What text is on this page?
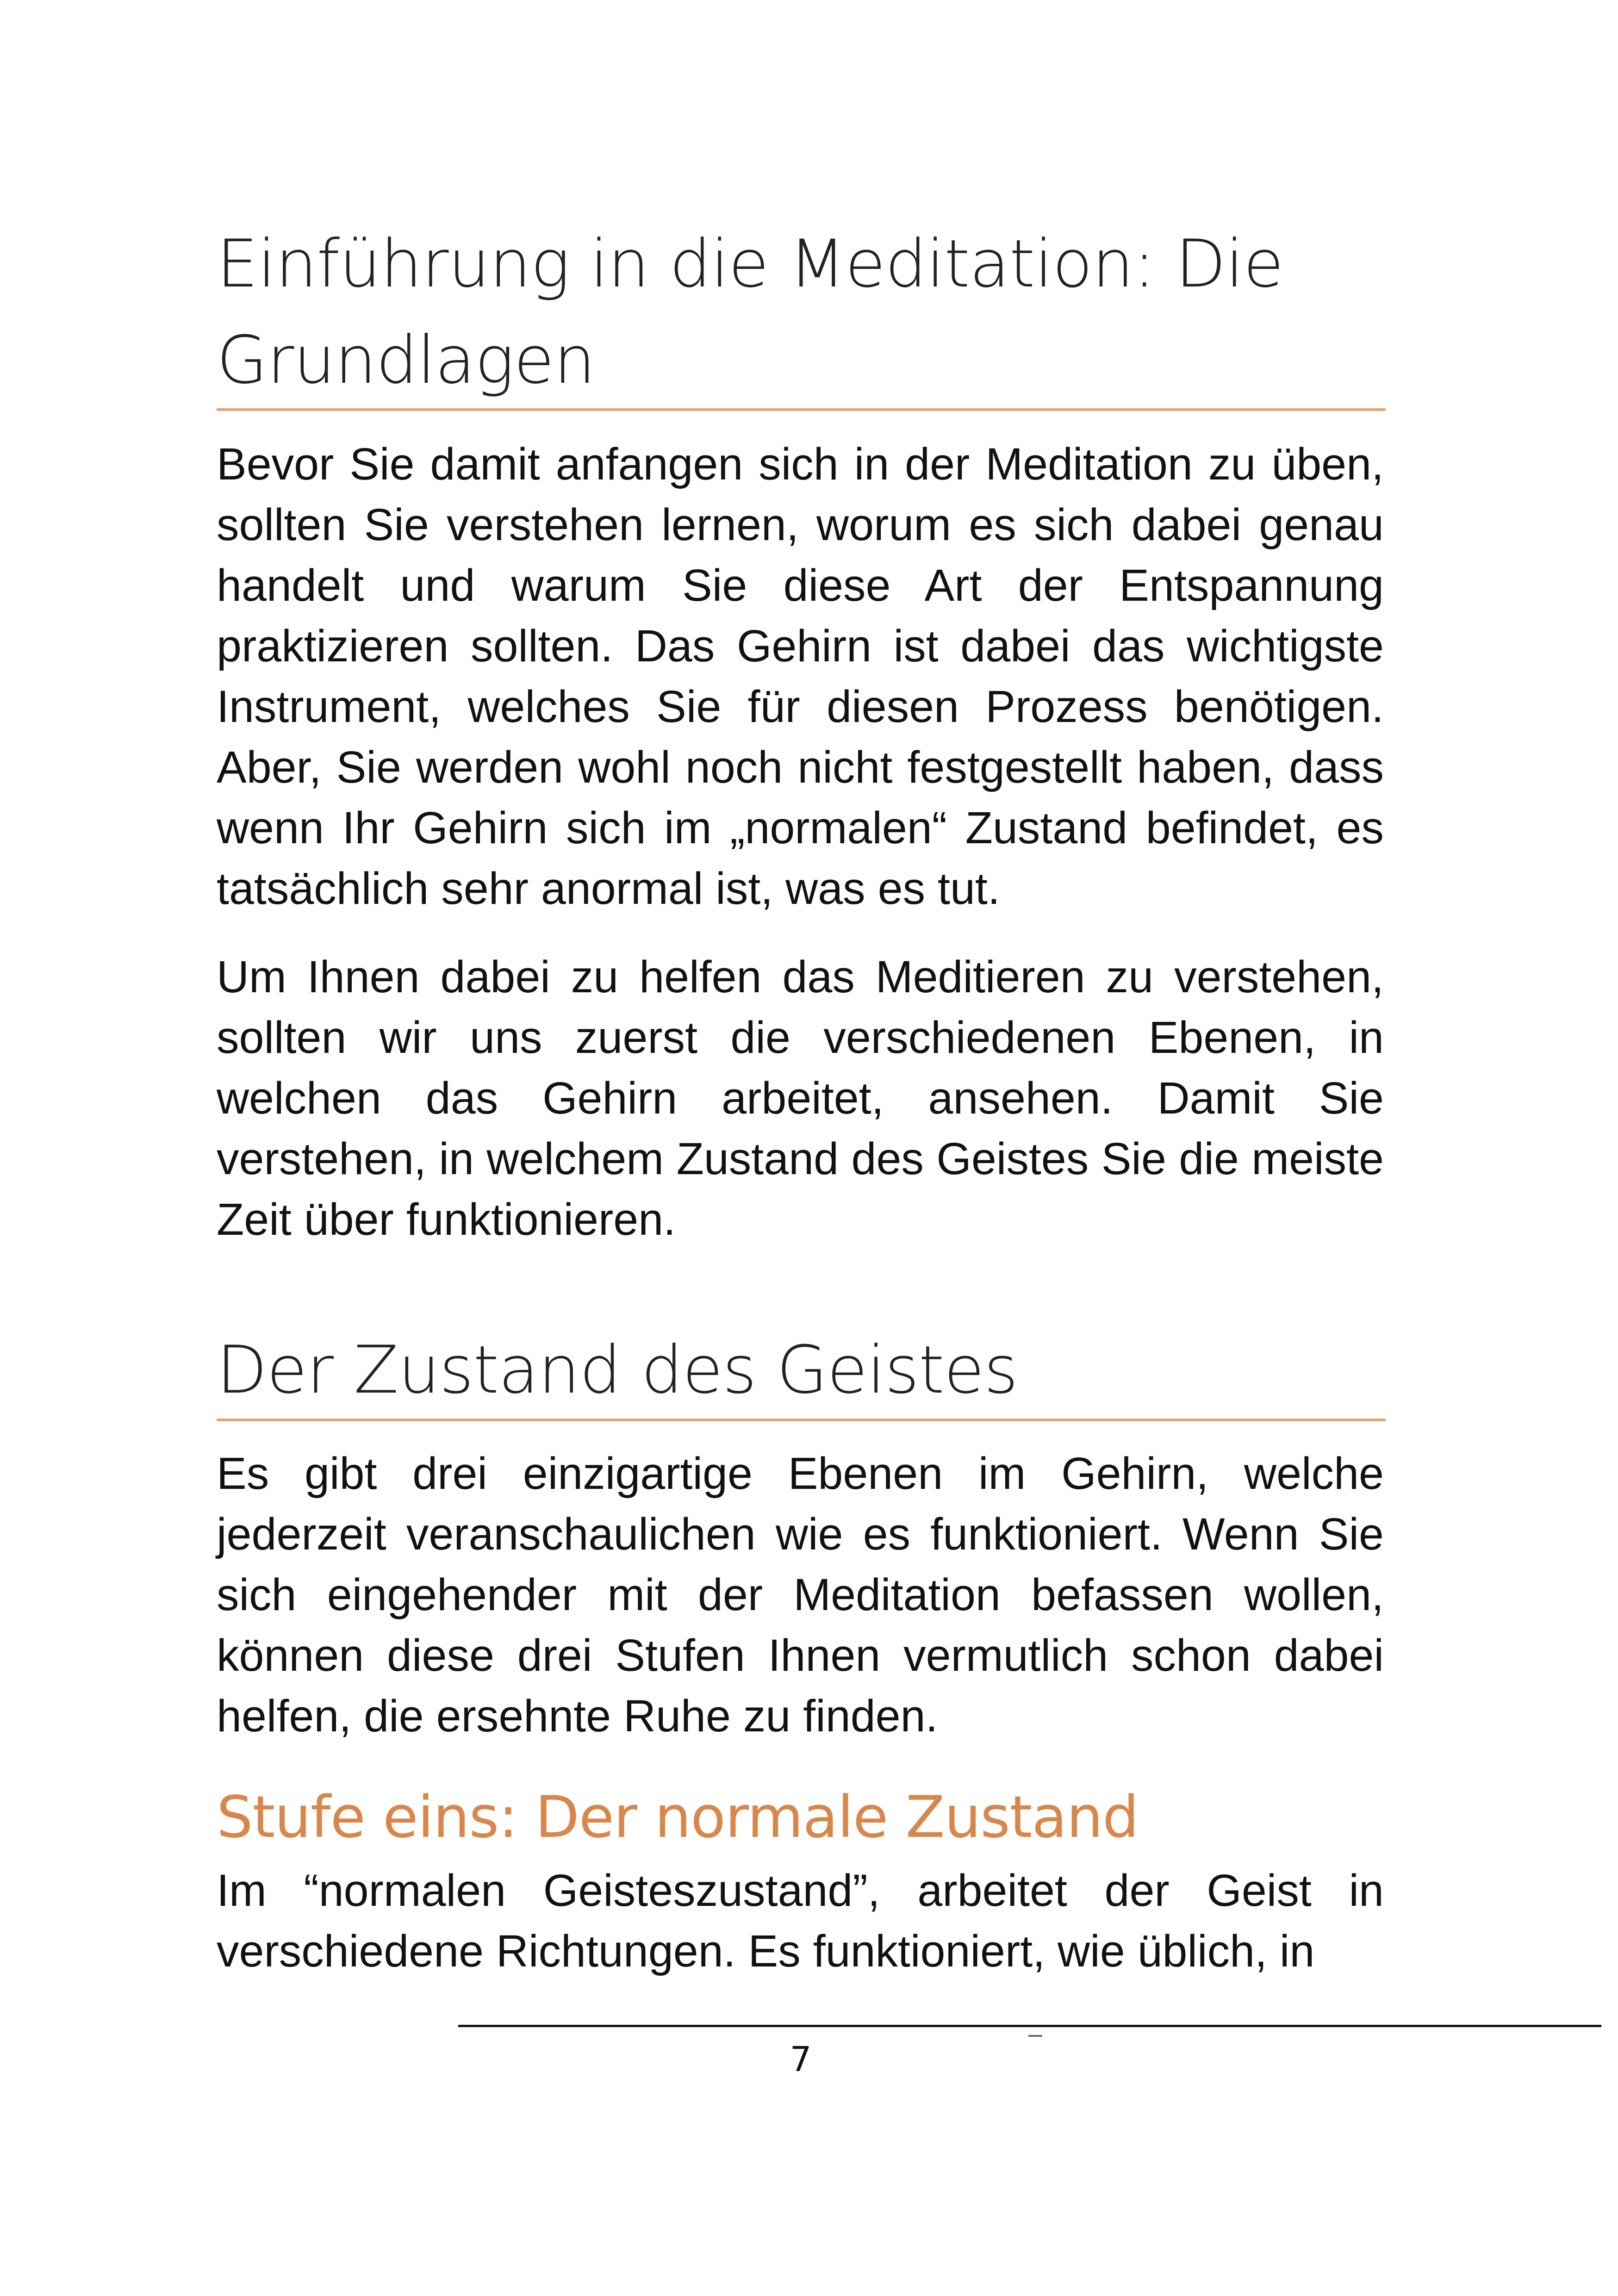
Einführung in die Meditation: Die
Grundlagen

Bevor Sie damit anfangen sich in der Meditation zu üben, sollten Sie verstehen lernen, worum es sich dabei genau handelt und warum Sie diese Art der Entspannung praktizieren sollten. Das Gehirn ist dabei das wichtigste Instrument, welches Sie für diesen Prozess benötigen. Aber, Sie werden wohl noch nicht festgestellt haben, dass wenn Ihr Gehirn sich im „normalen“ Zustand befindet, es tatsächlich sehr anormal ist, was es tut.

Um Ihnen dabei zu helfen das Meditieren zu verstehen, sollten wir uns zuerst die verschiedenen Ebenen, in welchen das Gehirn arbeitet, ansehen. Damit Sie verstehen, in welchem Zustand des Geistes Sie die meiste Zeit über funktionieren.

Der Zustand des Geistes

Es gibt drei einzigartige Ebenen im Gehirn, welche jederzeit veranschaulichen wie es funktioniert. Wenn Sie sich eingehender mit der Meditation befassen wollen, können diese drei Stufen Ihnen vermutlich schon dabei helfen, die ersehnte Ruhe zu finden.

Stufe eins: Der normale Zustand

Im “normalen Geisteszustand”, arbeitet der Geist in verschiedene Richtungen. Es funktioniert, wie üblich, in

7
